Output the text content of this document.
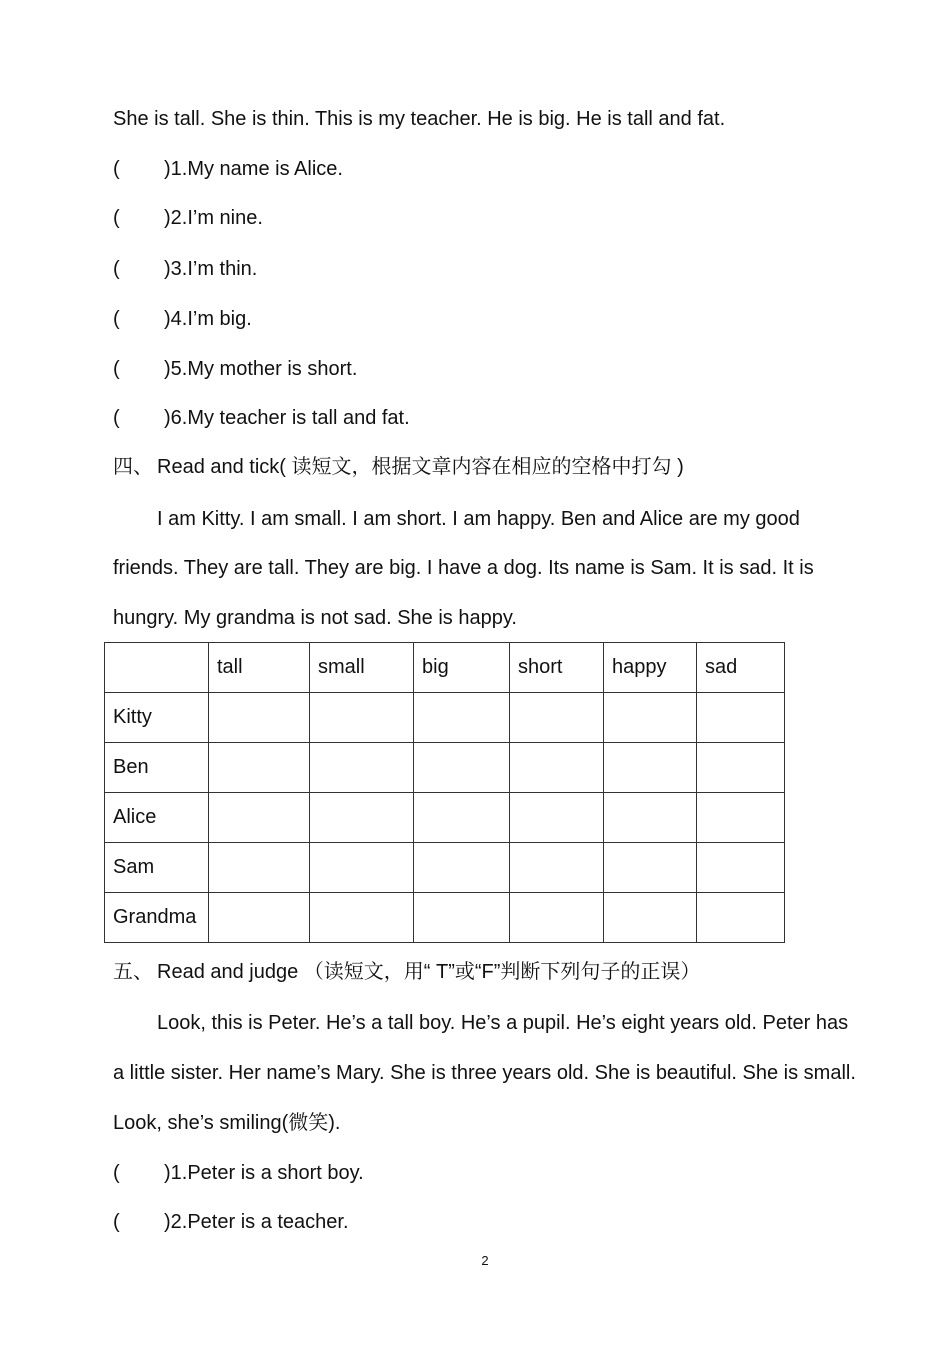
She is tall. She is thin. This is my teacher. He is big. He is tall and fat.
( )1.My name is Alice.
( )2.I’m nine.
( )3.I’m thin.
( )4.I’m big.
( )5.My mother is short.
( )6.My teacher is tall and fat.
四、 Read and tick( 读短文，根据文章内容在相应的空格中打勾 )
I am Kitty. I am small. I am short. I am happy. Ben and Alice are my good
friends. They are tall. They are big. I have a dog. Its name is Sam. It is sad. It is
hungry. My grandma is not sad. She is happy.
	tall	small	big	short	happy	sad
Kitty						
Ben						
Alice						
Sam						
Grandma						
五、 Read and judge （读短文，用“ T”或“F”判断下列句子的正误）
Look, this is Peter. He’s a tall boy. He’s a pupil. He’s eight years old. Peter has
a little sister. Her name’s Mary. She is three years old. She is beautiful. She is small.
Look, she’s smiling(微笑).
( )1.Peter is a short boy.
( )2.Peter is a teacher.
2
